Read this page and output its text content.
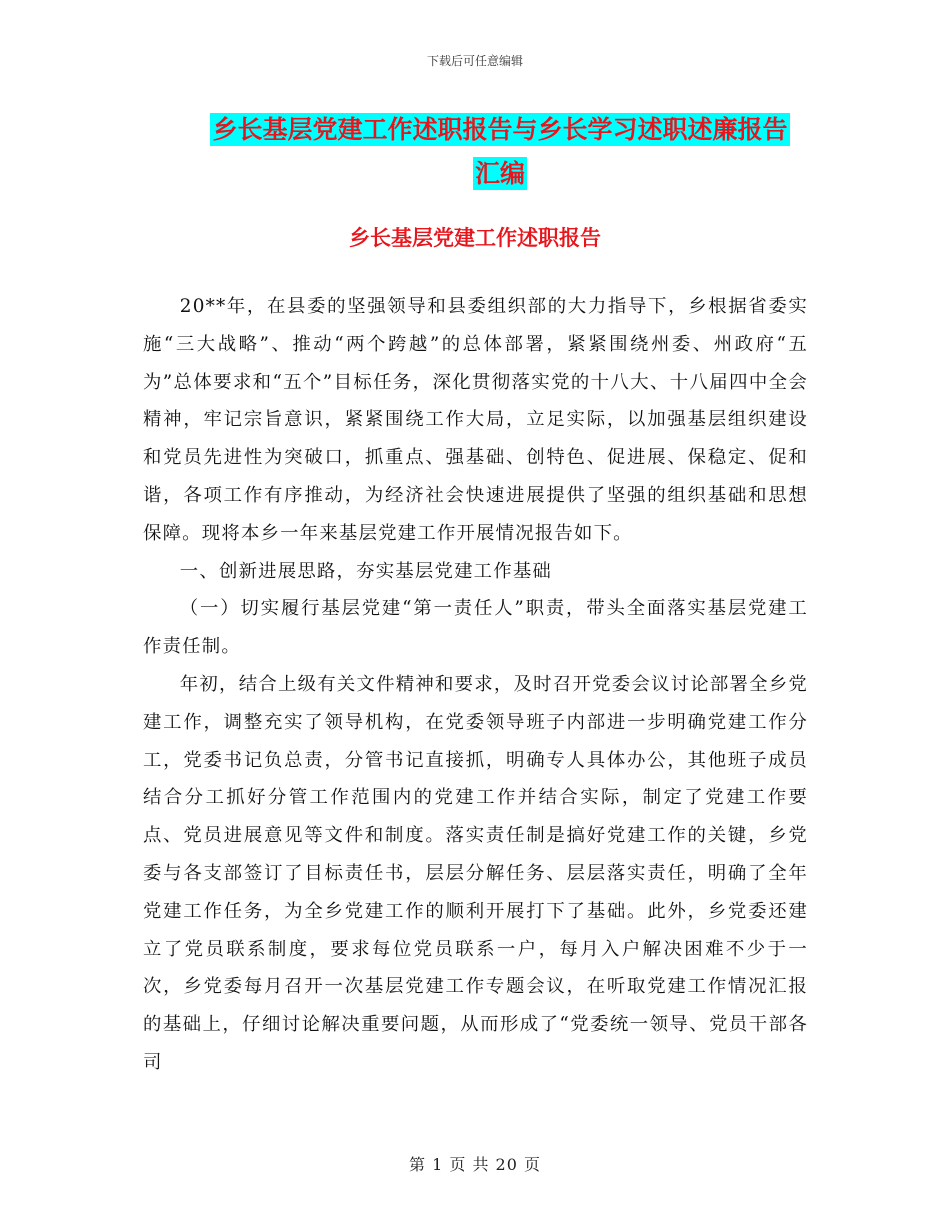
下载后可任意编辑
乡长基层党建工作述职报告与乡长学习述职述廉报告
汇编
乡长基层党建工作述职报告

20**年，在县委的坚强领导和县委组织部的大力指导下，乡根据省委实施“三大战略”、推动“两个跨越”的总体部署，紧紧围绕州委、州政府“五为”总体要求和“五个”目标任务，深化贯彻落实党的十八大、十八届四中全会精神，牢记宗旨意识，紧紧围绕工作大局，立足实际，以加强基层组织建设和党员先进性为突破口，抓重点、强基础、创特色、促进展、保稳定、促和谐，各项工作有序推动，为经济社会快速进展提供了坚强的组织基础和思想保障。现将本乡一年来基层党建工作开展情况报告如下。

一、创新进展思路，夯实基层党建工作基础

（一）切实履行基层党建“第一责任人”职责，带头全面落实基层党建工作责任制。

年初，结合上级有关文件精神和要求，及时召开党委会议讨论部署全乡党建工作，调整充实了领导机构，在党委领导班子内部进一步明确党建工作分工，党委书记负总责，分管书记直接抓，明确专人具体办公，其他班子成员结合分工抓好分管工作范围内的党建工作并结合实际，制定了党建工作要点、党员进展意见等文件和制度。落实责任制是搞好党建工作的关键，乡党委与各支部签订了目标责任书，层层分解任务、层层落实责任，明确了全年党建工作任务，为全乡党建工作的顺利开展打下了基础。此外，乡党委还建立了党员联系制度，要求每位党员联系一户，每月入户解决困难不少于一次，乡党委每月召开一次基层党建工作专题会议，在听取党建工作情况汇报的基础上，仔细讨论解决重要问题，从而形成了“党委统一领导、党员干部各司

第 1 页 共 20 页
